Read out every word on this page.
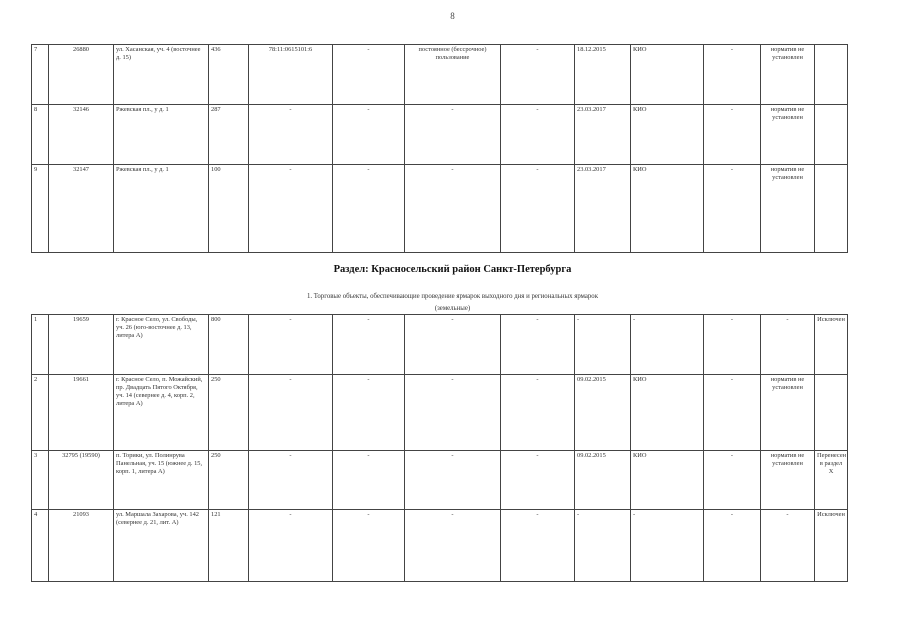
8
7	26880	ул. Хасанская, уч. 4 (восточнее д. 15)	436	78:11:0615101:6	-	постоянное (бессрочное) пользование	-	18.12.2015	КИО	-	норматив не установлен	
8	32146	Ржевская пл., у д. 1	287	-	-	-	-	23.03.2017	КИО	-	норматив не установлен	
9	32147	Ржевская пл., у д. 1	100	-	-	-	-	23.03.2017	КИО	-	норматив не установлен	
Раздел: Красносельский район Санкт-Петербурга
1. Торговые объекты, обеспечивающие проведение ярмарок выходного дня и региональных ярмарок
(земельные)
1	19659	г. Красное Село, ул. Свободы, уч. 26 (юго-восточнее д. 13, литера А)	800	-	-	-	-	-	-	-	-	Исключен
2	19661	г. Красное Село, п. Можайский, пр. Двадцать Пятого Октября, уч. 14 (севернее д. 4, корп. 2, литера А)	250	-	-	-	-	09.02.2015	КИО	-	норматив не установлен	
3	32795 (19590)	п. Торики, ул. Полинрува Панельная, уч. 15 (южнее д. 15, корп. 1, литера А)	250	-	-	-	-	09.02.2015	КИО	-	норматив не установлен	Перенесен в раздел X
4	21093	ул. Маршала Захарова, уч. 142 (севернее д. 21, лит. А)	121	-	-	-	-	-	-	-	-	Исключен
